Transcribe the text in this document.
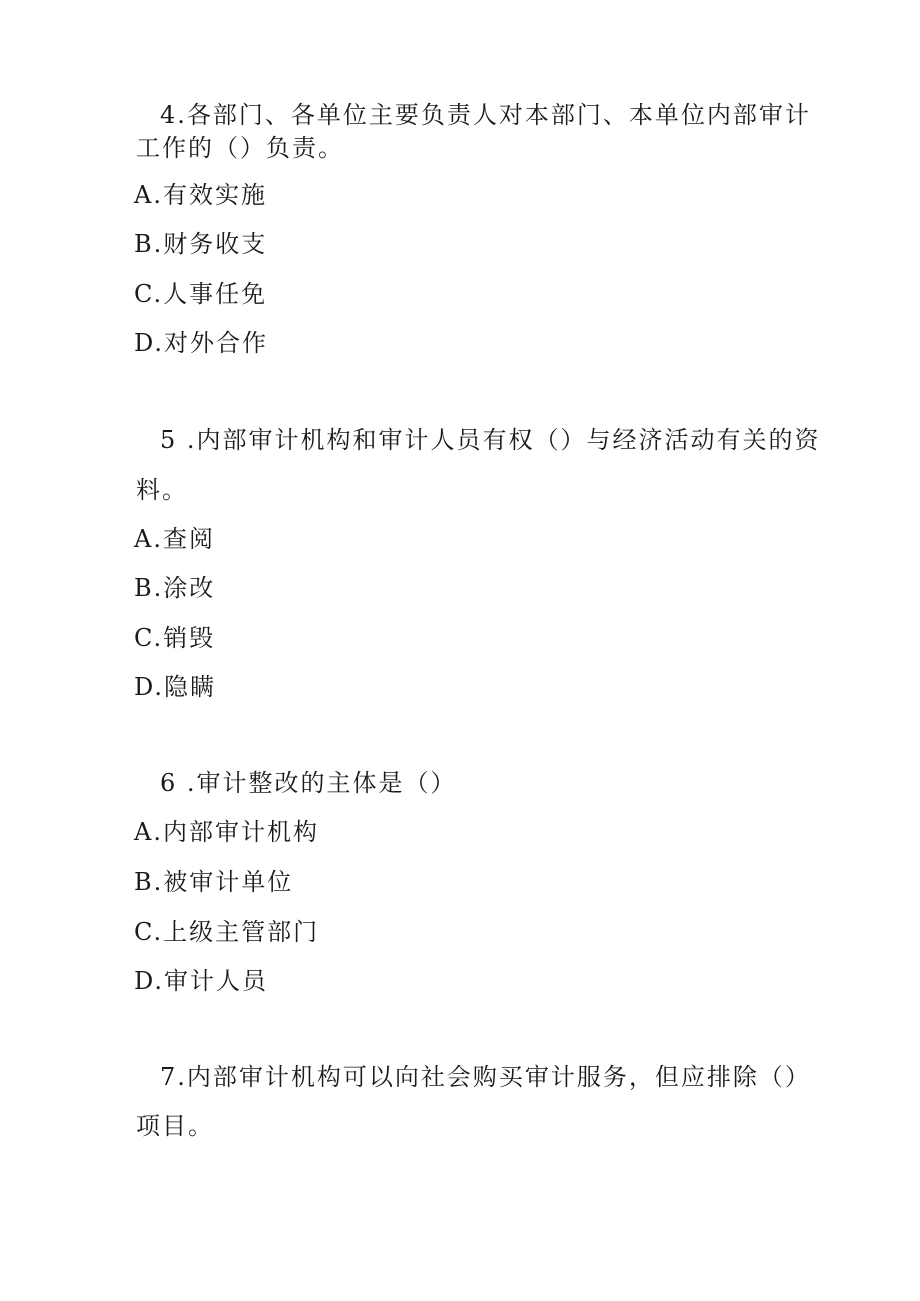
4.各部门、各单位主要负责人对本部门、本单位内部审计
工作的（）负责。
A.有效实施
B.财务收支
C.人事任免
D.对外合作
5 .内部审计机构和审计人员有权（）与经济活动有关的资
料。
A.查阅
B.涂改
C.销毁
D.隐瞒
6 .审计整改的主体是（）
A.内部审计机构
B.被审计单位
C.上级主管部门
D.审计人员
7.内部审计机构可以向社会购买审计服务，但应排除（）
项目。
